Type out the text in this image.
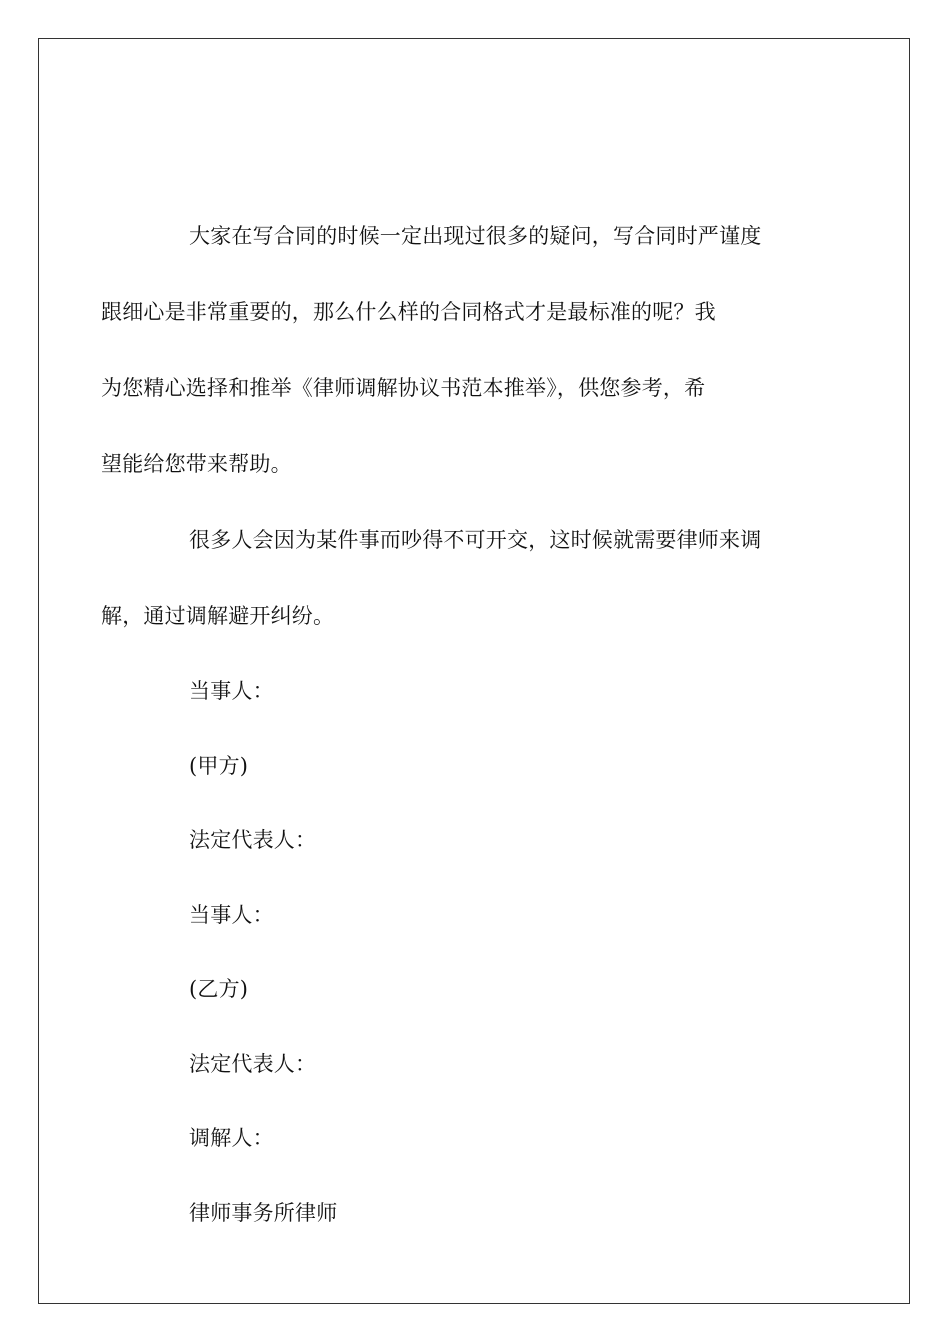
大家在写合同的时候一定出现过很多的疑问，写合同时严谨度
跟细心是非常重要的，那么什么样的合同格式才是最标准的呢？我
为您精心选择和推举《律师调解协议书范本推举》，供您参考，希
望能给您带来帮助。

很多人会因为某件事而吵得不可开交，这时候就需要律师来调
解，通过调解避开纠纷。

当事人：

(甲方)

法定代表人：

当事人：

(乙方)

法定代表人：

调解人：

律师事务所律师
